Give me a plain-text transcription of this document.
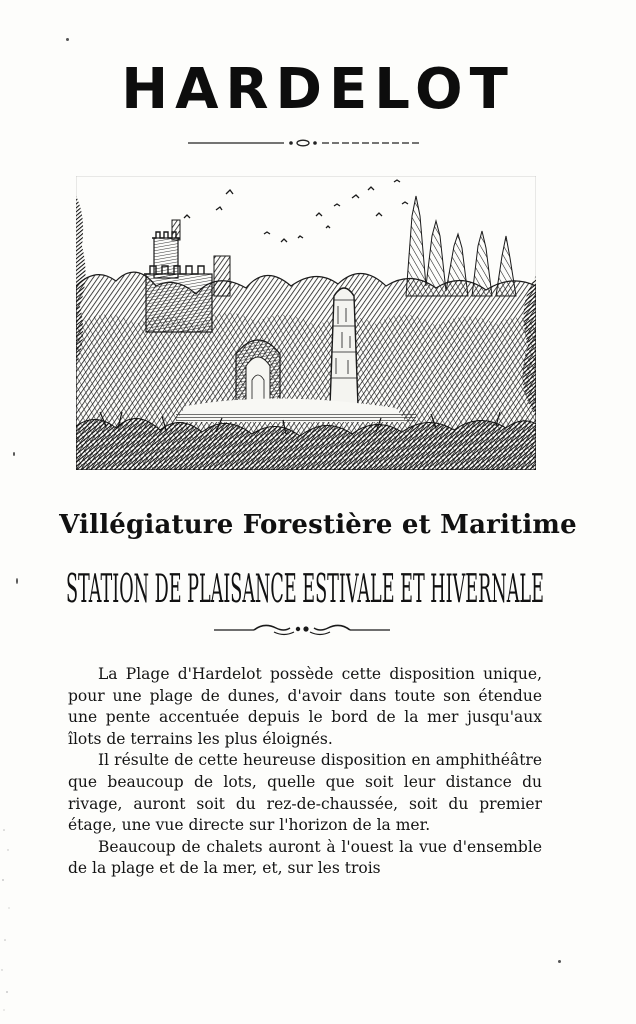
HARDELOT
Villégiature Forestière et Maritime
STATION DE PLAISANCE ESTIVALE ET HIVERNALE

La Plage d'Hardelot possède cette disposition unique, pour une plage de dunes, d'avoir dans toute son étendue une pente accentuée depuis le bord de la mer jusqu'aux îlots de terrains les plus éloignés.

Il résulte de cette heureuse disposition en amphithéâtre que beaucoup de lots, quelle que soit leur distance du rivage, auront soit du rez-de-chaussée, soit du premier étage, une vue directe sur l'horizon de la mer.

Beaucoup de chalets auront à l'ouest la vue d'ensemble de la plage et de la mer, et, sur les trois
